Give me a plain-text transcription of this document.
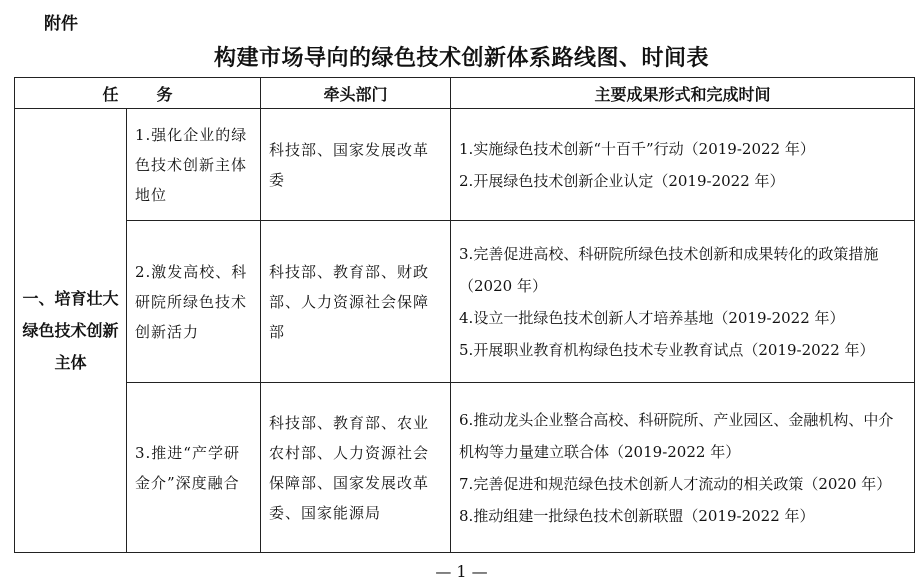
附件
构建市场导向的绿色技术创新体系路线图、时间表
任务		牵头部门	主要成果形式和完成时间
一、培育壮大绿色技术创新主体	1.强化企业的绿色技术创新主体地位	科技部、国家发展改革委	1.实施绿色技术创新“十百千”行动（2019-2022 年）
2.开展绿色技术创新企业认定（2019-2022 年）

	2.激发高校、科研院所绿色技术创新活力	科技部、教育部、财政部、人力资源社会保障部	3.完善促进高校、科研院所绿色技术创新和成果转化的政策措施（2020 年）
4.设立一批绿色技术创新人才培养基地（2019-2022 年）
5.开展职业教育机构绿色技术专业教育试点（2019-2022 年）

	3.推进“产学研金介”深度融合	科技部、教育部、农业农村部、人力资源社会保障部、国家发展改革委、国家能源局	6.推动龙头企业整合高校、科研院所、产业园区、金融机构、中介机构等力量建立联合体（2019-2022 年）
7.完善促进和规范绿色技术创新人才流动的相关政策（2020 年）
8.推动组建一批绿色技术创新联盟（2019-2022 年）
— 1 —
